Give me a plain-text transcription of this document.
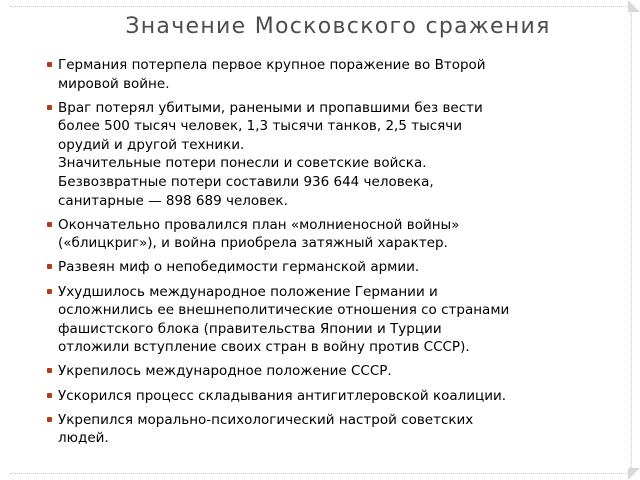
Значение Московского сражения
Германия потерпела первое крупное поражение во Второй
мировой войне.
Враг потерял убитыми, ранеными и пропавшими без вести
более 500 тысяч человек, 1,3 тысячи танков, 2,5 тысячи
орудий и другой техники.
Значительные потери понесли и советские войска.
Безвозвратные потери составили 936 644 человека,
санитарные — 898 689 человек.
Окончательно провалился план «молниеносной войны»
(«блицкриг»), и война приобрела затяжный характер.
Развеян миф о непобедимости германской армии.
Ухудшилось международное положение Германии и
осложнились ее внешнеполитические отношения со странами
фашистского блока (правительства Японии и Турции
отложили вступление своих стран в войну против СССР).
Укрепилось международное положение СССР.
Ускорился процесс складывания антигитлеровской коалиции.
Укрепился морально-психологический настрой советских
людей.
